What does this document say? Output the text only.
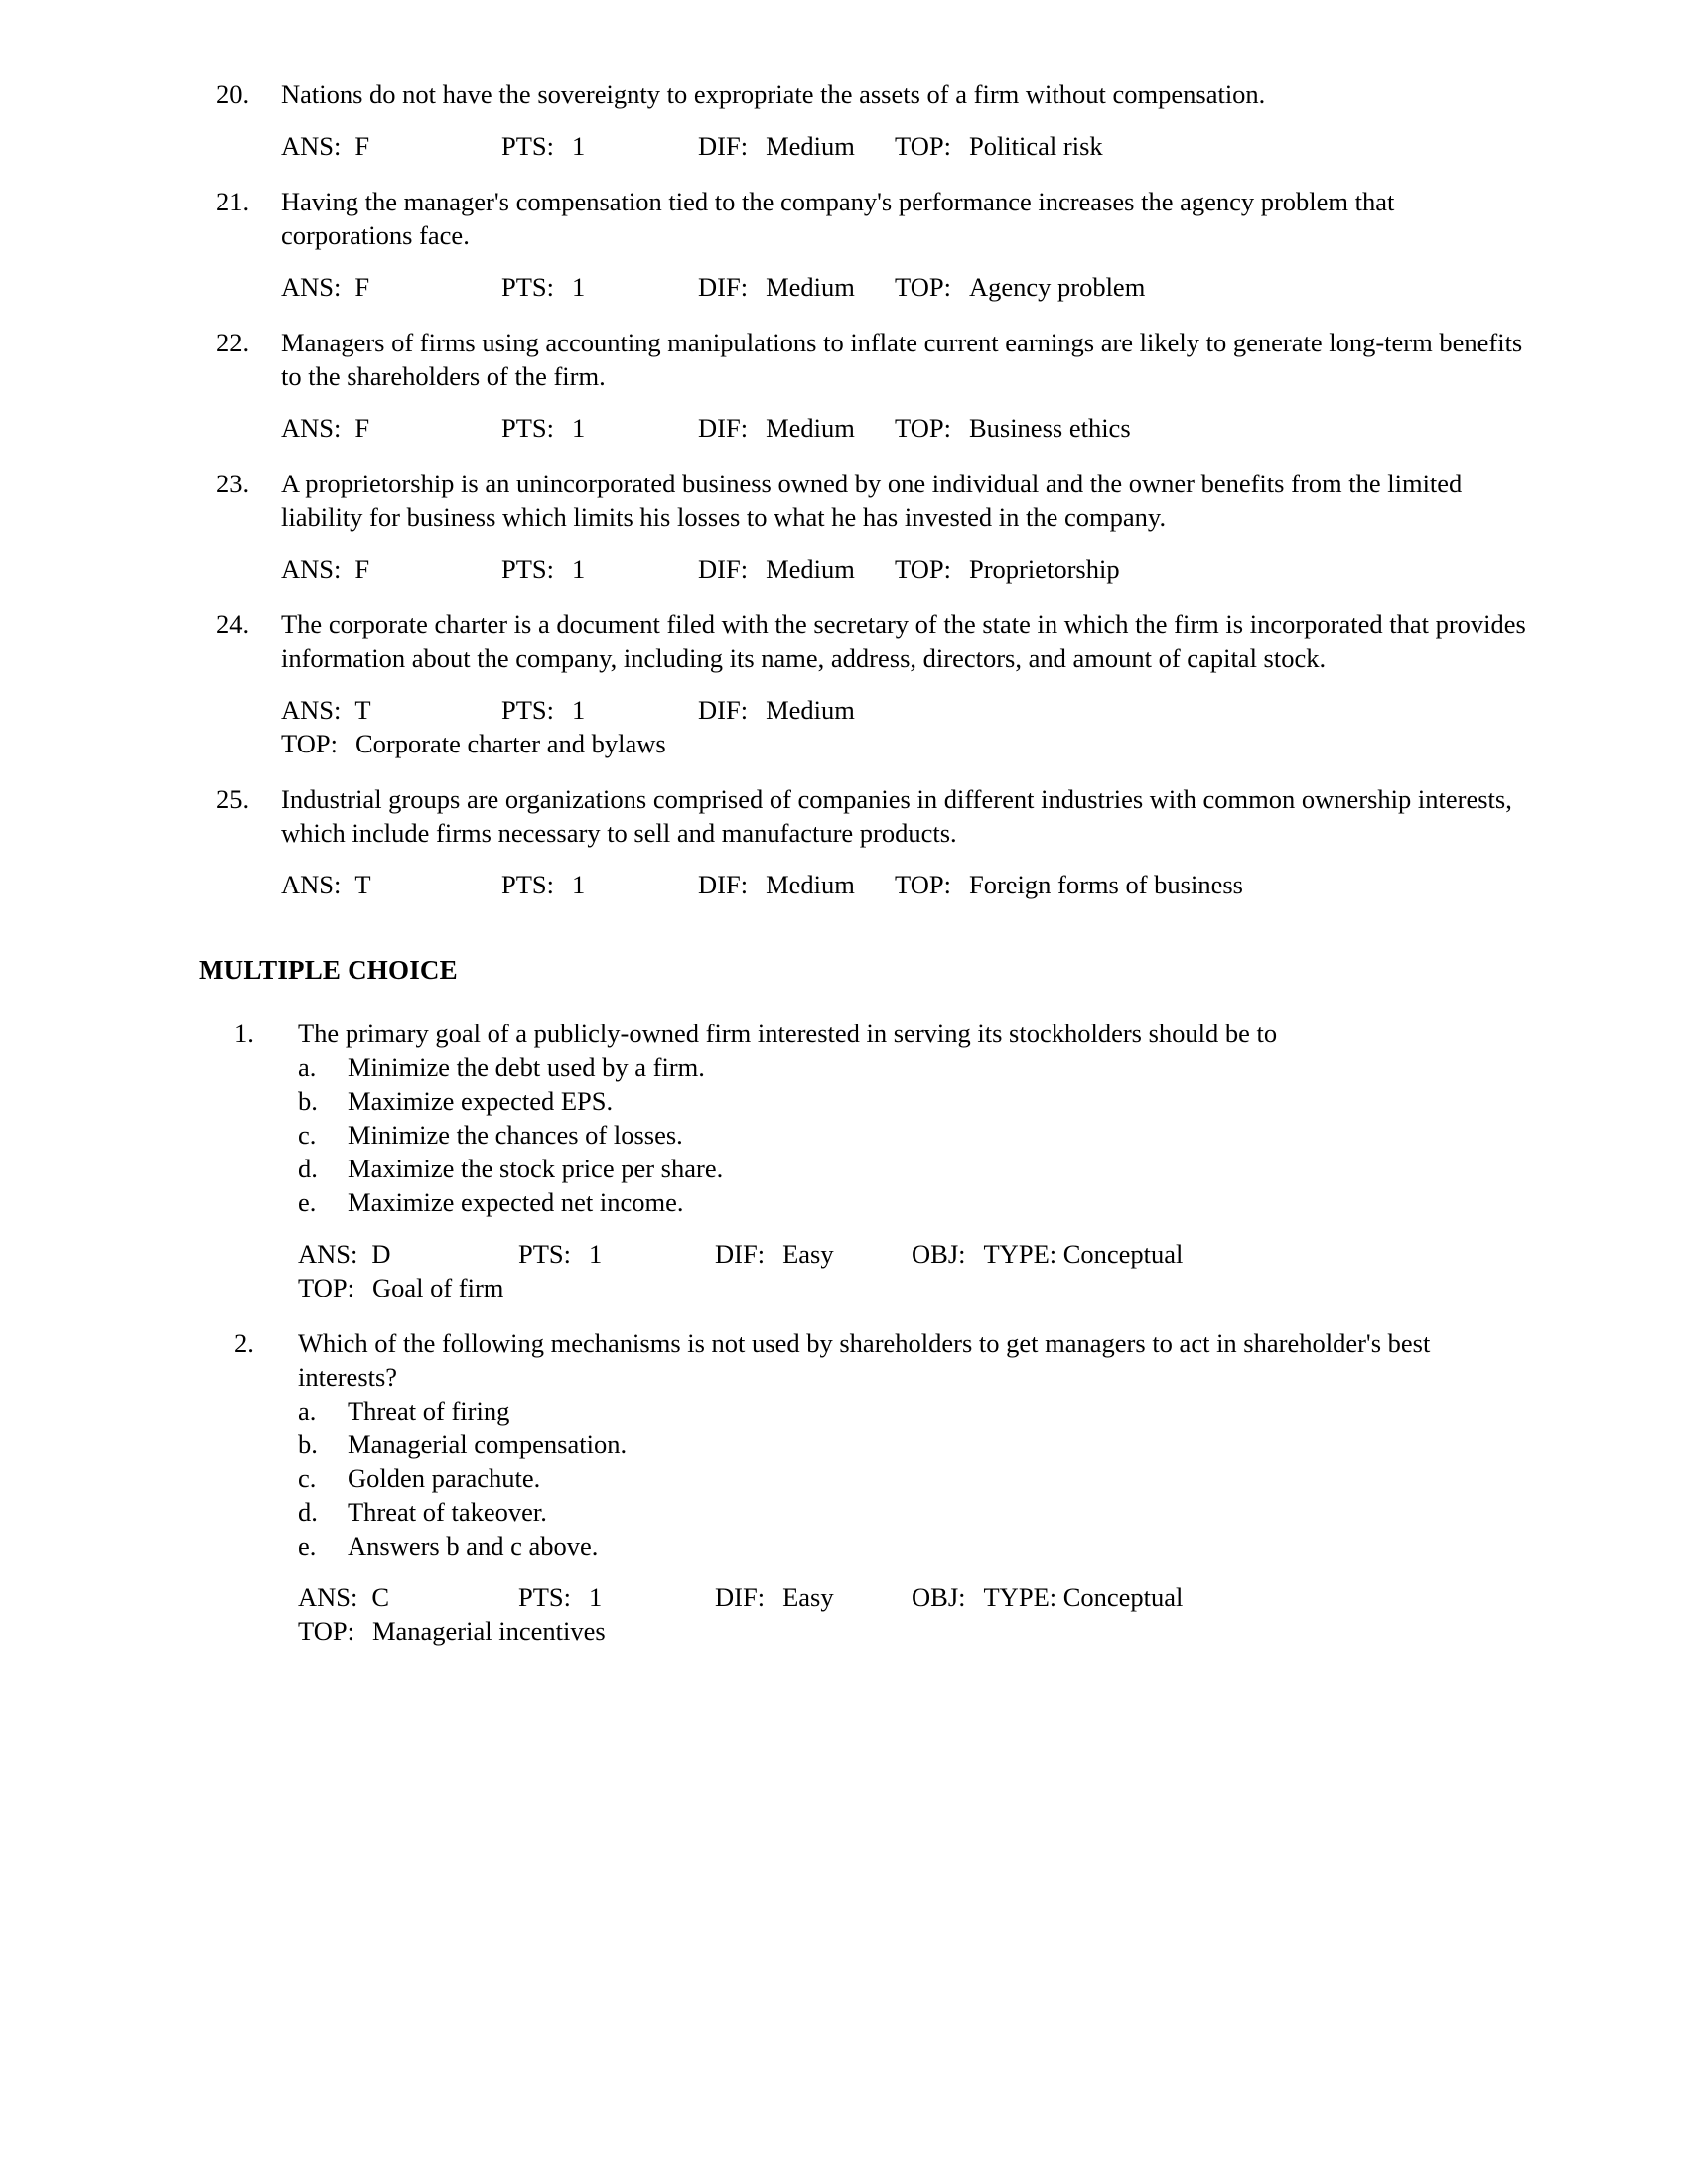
20.	Nations do not have the sovereignty to expropriate the assets of a firm without compensation.
ANS: F	PTS: 1	DIF: Medium TOP: Political risk
21.	Having the manager's compensation tied to the company's performance increases the agency problem that corporations face.
ANS: F	PTS: 1	DIF: Medium TOP: Agency problem
22.	Managers of firms using accounting manipulations to inflate current earnings are likely to generate long-term benefits to the shareholders of the firm.
ANS: F	PTS: 1	DIF: Medium TOP: Business ethics
23.	A proprietorship is an unincorporated business owned by one individual and the owner benefits from the limited liability for business which limits his losses to what he has invested in the company.
ANS: F	PTS: 1	DIF: Medium TOP: Proprietorship
24.	The corporate charter is a document filed with the secretary of the state in which the firm is incorporated that provides information about the company, including its name, address, directors, and amount of capital stock.
ANS: T	PTS: 1	DIF: Medium
TOP: Corporate charter and bylaws
25.	Industrial groups are organizations comprised of companies in different industries with common ownership interests, which include firms necessary to sell and manufacture products.
ANS: T	PTS: 1	DIF: Medium TOP: Foreign forms of business
MULTIPLE CHOICE
1. The primary goal of a publicly-owned firm interested in serving its stockholders should be to
a. Minimize the debt used by a firm.
b. Maximize expected EPS.
c. Minimize the chances of losses.
d. Maximize the stock price per share.
e. Maximize expected net income.
ANS: D	PTS: 1	DIF: Easy	OBJ: TYPE: Conceptual
TOP: Goal of firm
2. Which of the following mechanisms is not used by shareholders to get managers to act in shareholder's best interests?
a. Threat of firing
b. Managerial compensation.
c. Golden parachute.
d. Threat of takeover.
e. Answers b and c above.
ANS: C	PTS: 1	DIF: Easy	OBJ: TYPE: Conceptual
TOP: Managerial incentives
